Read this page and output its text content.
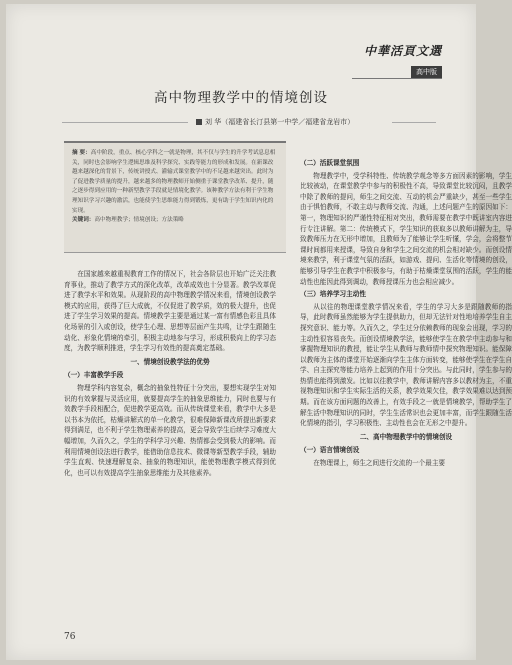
中華活頁文選
高中版
高中物理教学中的情境创设
刘 华（福建省长汀县第一中学／福建省龙岩市）
摘 要：高中阶段，重点、核心学科之一就是物理，其不仅与学生的升学考试息息相关，同时也会影响学生逻辑思维及科学探究、实践等能力的形成和发展。在新课改越来越深化的背景下，传统讲授式、灌输式课堂教学中的不足越来越突出。此时为了促进教学质量的提升，越来越多的物理教师开始侧重于课堂教学改革、提升，随之逐步得到应用的一种新型教学手段就是情境化教学。该种教学方法有利于学生物理知识学习兴趣的激活，也能使学生思维能力得到锻炼，更有助于学生知识内化的实现。
关键词：高中物理教学；情境创设；方法策略
在国家越来越重视教育工作的情况下，社会各阶层也开始广泛关注教育事业，推动了教学方式的深化改革，改革成效也十分显著。教学改革促进了教学水平和效果。从现阶段的高中物理教学情况来看，情境创设教学模式的应用，获得了巨大成就，不仅促进了教学质，效的极大提升，也促进了学生学习效果的提高。情境教学主要是通过某一富有情感色彩且具体化场景的引入或创设，使学生心理、思想等层面产生共鸣，让学生跟随生动化、形象化情境的牵引，积极主动地参与学习，形成积极向上的学习态度，为教学顺利推进，学生学习有效性的提高奠定基础。
一、情境创设教学法的优势
（一）丰富教学手段
物理学科内容复杂，概念的抽象性特征十分突出，要想实现学生对知识的有效掌握与灵活应用，就要提高学生的抽象思维能力，同时也要与有效教学手段相配合，促进教学更高效。而从传统课堂来看，教学中大多是以书本为依托，枯燥讲解式的单一化教学，很难保障新课改所提出新要求得到满足，也不利于学生物理素养的提高，更会导致学生后续学习难度大幅增加，久而久之，学生的学科学习兴趣、热情都会受到极大的影响。而利用情境创设法进行教学，能借助信息技术、微课等新型教学手段，辅助学生直观、快速理解复杂、抽象的物理知识，能使物理教学模式得到优化，也可以有效提高学生抽象思维能力及其他素养。
（二）活跃课堂氛围
物理教学中，受学科特性、传统教学观念等多方面因素的影响，学生比较被动，在课堂教学中参与的积极性不高，导致课堂比较沉闷，且教学中除了教师的提问，师生之间交流、互动的机会严重缺少，甚至一些学生由于惧怕教师，不敢主动与教师交流、沟通，上述问题产生的原因如下：第一，物理知识的严谨性特征相对突出，教师需要在教学中既讲室内容进行专注讲解。第二：传统模式下，学生知识的获取多以教师讲解为主，导致教师压力在无形中增加，且教师为了能够让学生听懂，学会，会将整节课时间都用来授课，导致自身和学生之间交流的机会相对缺少。而创设情境来教学，利于课堂气氛的活跃，如游戏、提问、生活化等情境的创设，能够引导学生在教学中积极参与，有助于枯燥课堂氛围的活跃，学生的能动性也能因此得到调动，教师授课压力也会相应减少。
（三）培养学习主动性
从以往的物理课堂教学情况来看，学生的学习大多是跟随教师的指导，此时教师虽然能够为学生提供助力，但却无法针对性地培养学生自主探究意识、能力等。久而久之，学生过分依赖教师的现象会出现，学习的主动性很容易丧失。而创设情境教学法，能够使学生在教学中主动参与和掌握物理知识的教授，能让学生从教师与教师情中探究物理知识。能保障以教师为主体的课堂开始逐渐向学生主体方面转变，能够使学生在学生自学、自主探究等能力培养上起到的作用十分突出。与此同时，学生参与的热情也能得到激发。比如以往教学中，教师讲解内容多以教材为主，不重视物理知识和学生实际生活的关系，教学效果欠佳，教学效果难以达到预期。而在该方面问题的改善上，有效手段之一就是情境教学，帮助学生了解生活中物理知识的同时，学生生活常识也会更加丰富，而学生跟随生活化情境的指引，学习积极性、主动性也会在无形之中提升。
二、高中物理教学中的情境创设
（一）语言情境创设
在物理课上，师生之间进行交流的一个最主要
76
